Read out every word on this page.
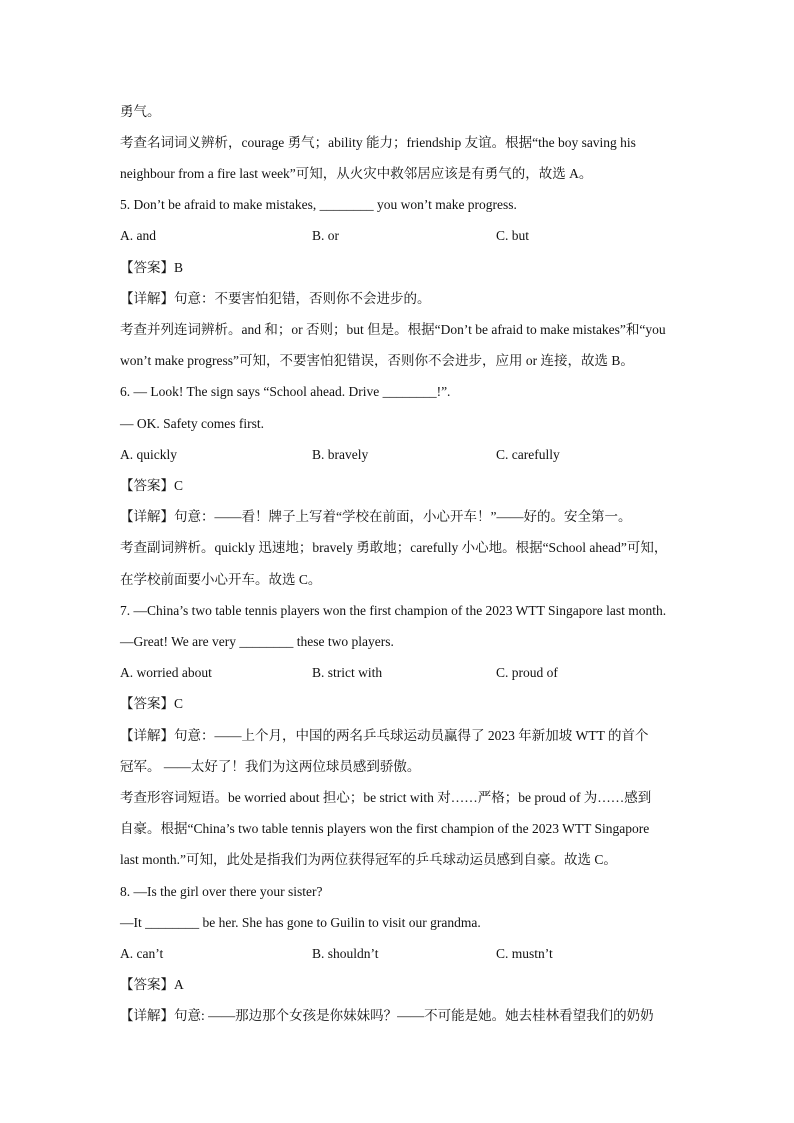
勇气。
考查名词词义辨析，courage 勇气；ability 能力；friendship 友谊。根据“the boy saving his
neighbour from a fire last week”可知，从火灾中救邻居应该是有勇气的，故选 A。
5. Don’t be afraid to make mistakes, ________ you won’t make progress.
A. and	B. or	C. but
【答案】B
【详解】句意：不要害怕犯错，否则你不会进步的。
考查并列连词辨析。and 和；or 否则；but 但是。根据“Don’t be afraid to make mistakes”和“you
won’t make progress”可知，不要害怕犯错误，否则你不会进步，应用 or 连接，故选 B。
6. — Look! The sign says “School ahead. Drive ________!”.
— OK. Safety comes first.
A. quickly	B. bravely	C. carefully
【答案】C
【详解】句意：——看！牌子上写着“学校在前面，小心开车！”——好的。安全第一。
考查副词辨析。quickly 迅速地；bravely 勇敢地；carefully 小心地。根据“School ahead”可知，
在学校前面要小心开车。故选 C。
7. —China’s two table tennis players won the first champion of the 2023 WTT Singapore last month.
—Great! We are very ________ these two players.
A. worried about	B. strict with	C. proud of
【答案】C
【详解】句意：——上个月，中国的两名乒乓球运动员赢得了 2023 年新加坡 WTT 的首个
冠军。 ——太好了！我们为这两位球员感到骄傲。
考查形容词短语。be worried about 担心；be strict with 对……严格；be proud of 为……感到
自豪。根据“China’s two table tennis players won the first champion of the 2023 WTT Singapore
last month.”可知，此处是指我们为两位获得冠军的乒乓球动运员感到自豪。故选 C。
8. —Is the girl over there your sister?
—It ________ be her. She has gone to Guilin to visit our grandma.
A. can’t	B. shouldn’t	C. mustn’t
【答案】A
【详解】句意: ——那边那个女孩是你妹妹吗？——不可能是她。她去桂林看望我们的奶奶
